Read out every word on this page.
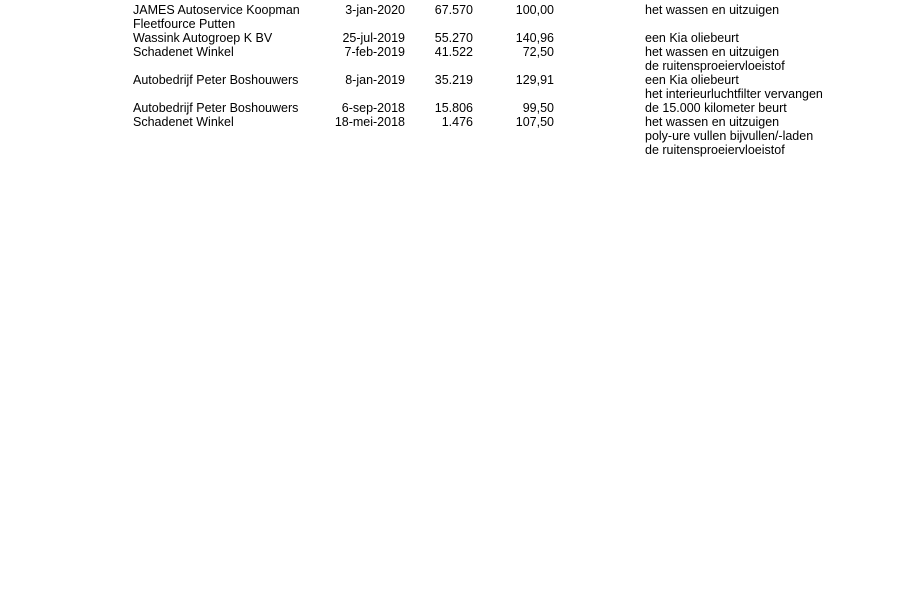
JAMES Autoservice Koopman	3-jan-2020 67.570	100,00	het wassen en uitzuigen
Fleetfource Putten
Wassink Autogroep K BV	25-jul-2019 55.270	140,96	een Kia oliebeurt
Schadenet Winkel	7-feb-2019 41.522	72,50	het wassen en uitzuigen
de ruitensproeiervloeistof
Autobedrijf Peter Boshouwers	8-jan-2019 35.219	129,91	een Kia oliebeurt
het interieurluchtfilter vervangen
Autobedrijf Peter Boshouwers	6-sep-2018 15.806	99,50	de 15.000 kilometer beurt
Schadenet Winkel	18-mei-2018	1.476	107,50	het wassen en uitzuigen
poly-ure vullen bijvullen/-laden
de ruitensproeiervloeistof
